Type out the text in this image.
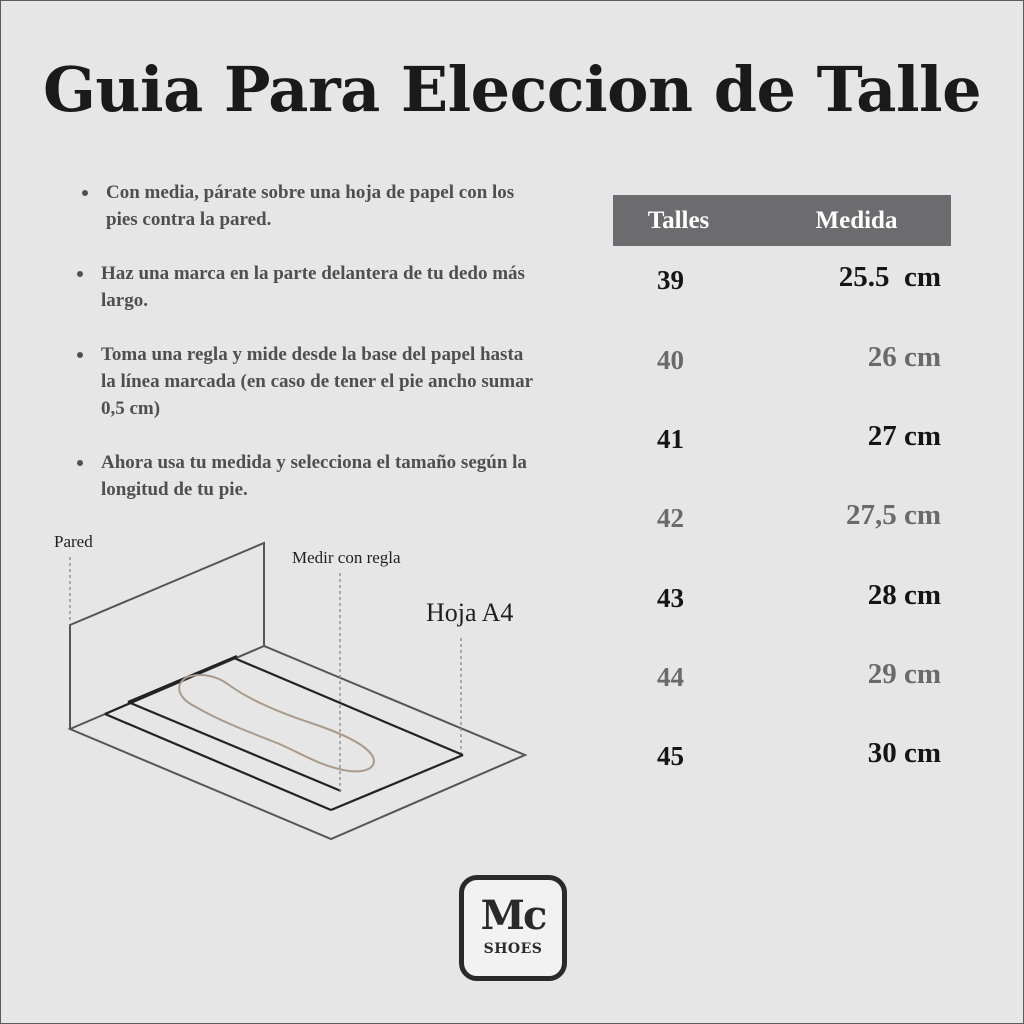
Guia Para Eleccion de Talle
Con media, párate sobre una hoja de papel con los pies contra la pared.
Haz una marca en la parte delantera de tu dedo más largo.
Toma una regla y mide desde la base del papel hasta la línea marcada (en caso de tener el pie ancho sumar 0,5 cm)
Ahora usa tu medida y selecciona el tamaño según la longitud de tu pie.
Talles	Medida
39	25.5  cm
40	26 cm
41	27 cm
42	27,5 cm
43	28 cm
44	29 cm
45	30 cm
Pared
Medir con regla
Hoja A4
Mc
SHOES
